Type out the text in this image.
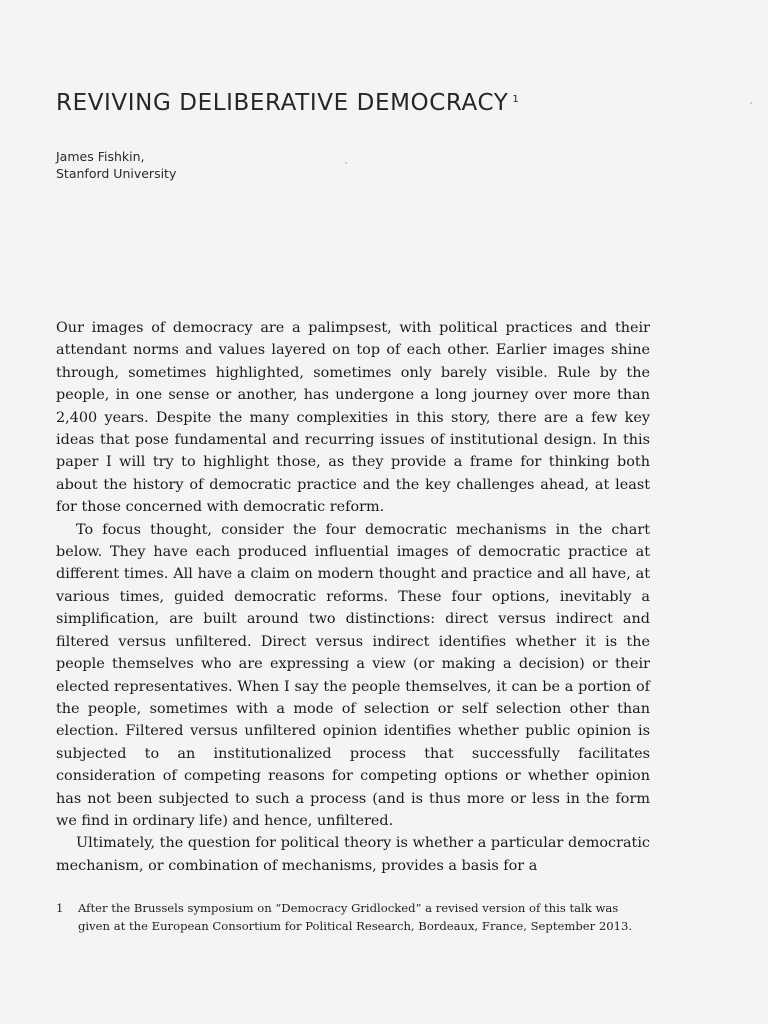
REVIVING DELIBERATIVE DEMOCRACY $^1$
James Fishkin,
Stanford University

Our images of democracy are a palimpsest, with political practices and their attendant norms and values layered on top of each other. Earlier images shine through, sometimes highlighted, sometimes only barely visible. Rule by the people, in one sense or another, has undergone a long journey over more than 2,400 years. Despite the many complexities in this story, there are a few key ideas that pose fundamental and recurring issues of institutional design. In this paper I will try to highlight those, as they provide a frame for thinking both about the history of democratic practice and the key challenges ahead, at least for those concerned with democratic reform.

To focus thought, consider the four democratic mechanisms in the chart below. They have each produced influential images of democratic practice at different times. All have a claim on modern thought and practice and all have, at various times, guided democratic reforms. These four options, inevitably a simplification, are built around two distinctions: direct versus indirect and filtered versus unfiltered. Direct versus indirect identifies whether it is the people themselves who are expressing a view (or making a decision) or their elected representatives. When I say the people themselves, it can be a portion of the people, sometimes with a mode of selection or self selection other than election. Filtered versus unfiltered opinion identifies whether public opinion is subjected to an institutionalized process that successfully facilitates consideration of competing reasons for competing options or whether opinion has not been subjected to such a process (and is thus more or less in the form we find in ordinary life) and hence, unfiltered.

Ultimately, the question for political theory is whether a particular democratic mechanism, or combination of mechanisms, provides a basis for a

1	After the Brussels symposium on “Democracy Gridlocked” a revised version of this talk was given at the European Consortium for Political Research, Bordeaux, France, September 2013.
